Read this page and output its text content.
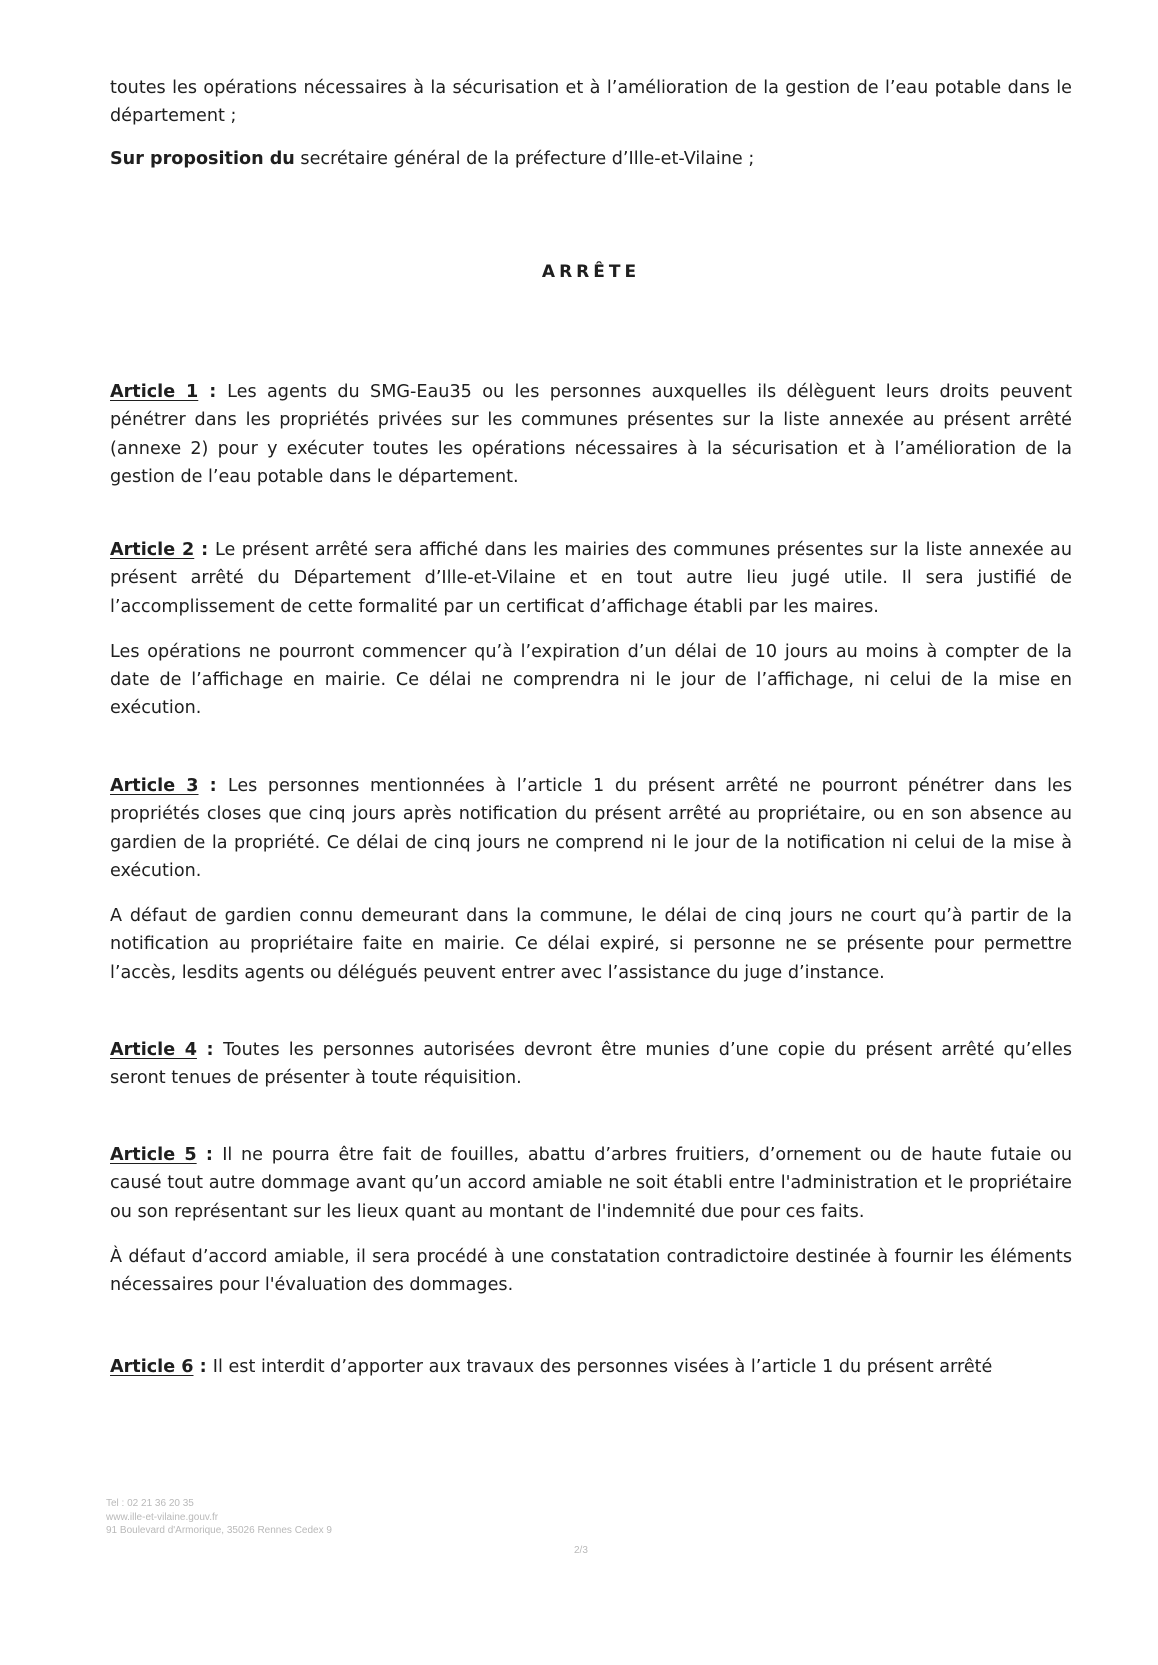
toutes les opérations nécessaires à la sécurisation et à l’amélioration de la gestion de l’eau potable dans le département ;

Sur proposition du secrétaire général de la préfecture d’Ille-et-Vilaine ;

ARRÊTE

Article 1 : Les agents du SMG-Eau35 ou les personnes auxquelles ils délèguent leurs droits peuvent pénétrer dans les propriétés privées sur les communes présentes sur la liste annexée au présent arrêté (annexe 2) pour y exécuter toutes les opérations nécessaires à la sécurisation et à l’amélioration de la gestion de l’eau potable dans le département.

Article 2 : Le présent arrêté sera affiché dans les mairies des communes présentes sur la liste annexée au présent arrêté du Département d’Ille-et-Vilaine et en tout autre lieu jugé utile. Il sera justifié de l’accomplissement de cette formalité par un certificat d’affichage établi par les maires.

Les opérations ne pourront commencer qu’à l’expiration d’un délai de 10 jours au moins à compter de la date de l’affichage en mairie. Ce délai ne comprendra ni le jour de l’affichage, ni celui de la mise en exécution.

Article 3 : Les personnes mentionnées à l’article 1 du présent arrêté ne pourront pénétrer dans les propriétés closes que cinq jours après notification du présent arrêté au propriétaire, ou en son absence au gardien de la propriété. Ce délai de cinq jours ne comprend ni le jour de la notification ni celui de la mise à exécution.

A défaut de gardien connu demeurant dans la commune, le délai de cinq jours ne court qu’à partir de la notification au propriétaire faite en mairie. Ce délai expiré, si personne ne se présente pour permettre l’accès, lesdits agents ou délégués peuvent entrer avec l’assistance du juge d’instance.

Article 4 : Toutes les personnes autorisées devront être munies d’une copie du présent arrêté qu’elles seront tenues de présenter à toute réquisition.

Article 5 : Il ne pourra être fait de fouilles, abattu d’arbres fruitiers, d’ornement ou de haute futaie ou causé tout autre dommage avant qu’un accord amiable ne soit établi entre l'administration et le propriétaire ou son représentant sur les lieux quant au montant de l'indemnité due pour ces faits.

À défaut d’accord amiable, il sera procédé à une constatation contradictoire destinée à fournir les éléments nécessaires pour l'évaluation des dommages.

Article 6 : Il est interdit d’apporter aux travaux des personnes visées à l’article 1 du présent arrêté

Tel : 02 21 36 20 35
www.ille-et-vilaine.gouv.fr
91 Boulevard d'Armorique, 35026 Rennes Cedex 9
2/3
